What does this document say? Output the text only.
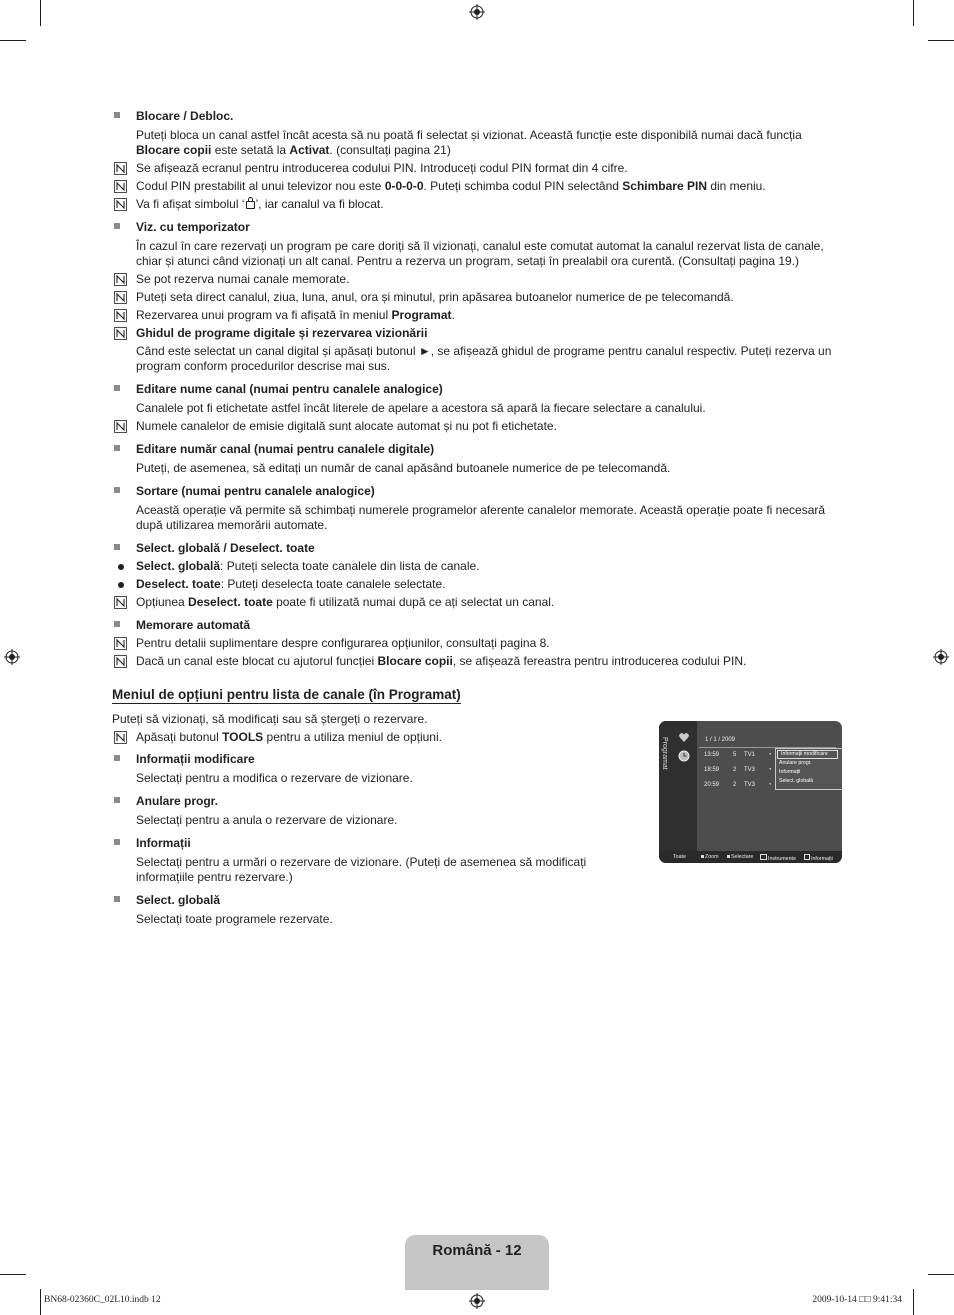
Blocare / Debloc.
Puteți bloca un canal astfel încât acesta să nu poată fi selectat și vizionat. Această funcție este disponibilă numai dacă funcția Blocare copii este setată la Activat. (consultați pagina 21)
Se afișează ecranul pentru introducerea codului PIN. Introduceți codul PIN format din 4 cifre.
Codul PIN prestabilit al unui televizor nou este 0-0-0-0. Puteți schimba codul PIN selectând Schimbare PIN din meniu.
Va fi afișat simbolul ‘ ’, iar canalul va fi blocat.
Viz. cu temporizator
În cazul în care rezervați un program pe care doriți să îl vizionați, canalul este comutat automat la canalul rezervat lista de canale, chiar și atunci când vizionați un alt canal. Pentru a rezerva un program, setați în prealabil ora curentă. (Consultați pagina 19.)
Se pot rezerva numai canale memorate.
Puteți seta direct canalul, ziua, luna, anul, ora și minutul, prin apăsarea butoanelor numerice de pe telecomandă.
Rezervarea unui program va fi afișată în meniul Programat.
Ghidul de programe digitale și rezervarea vizionării
Când este selectat un canal digital și apăsați butonul ►, se afișează ghidul de programe pentru canalul respectiv. Puteți rezerva un program conform procedurilor descrise mai sus.
Editare nume canal (numai pentru canalele analogice)
Canalele pot fi etichetate astfel încât literele de apelare a acestora să apară la fiecare selectare a canalului.
Numele canalelor de emisie digitală sunt alocate automat și nu pot fi etichetate.
Editare număr canal (numai pentru canalele digitale)
Puteți, de asemenea, să editați un număr de canal apăsând butoanele numerice de pe telecomandă.
Sortare (numai pentru canalele analogice)
Această operație vă permite să schimbați numerele programelor aferente canalelor memorate. Această operație poate fi necesară după utilizarea memorării automate.
Select. globală / Deselect. toate
Select. globală: Puteți selecta toate canalele din lista de canale.
Deselect. toate: Puteți deselecta toate canalele selectate.
Opțiunea Deselect. toate poate fi utilizată numai după ce ați selectat un canal.
Memorare automată
Pentru detalii suplimentare despre configurarea opțiunilor, consultați pagina 8.
Dacă un canal este blocat cu ajutorul funcției Blocare copii, se afișează fereastra pentru introducerea codului PIN.
Meniul de opțiuni pentru lista de canale (în Programat)
Puteți să vizionați, să modificați sau să ștergeți o rezervare.
Apăsați butonul TOOLS pentru a utiliza meniul de opțiuni.
Informații modificare
Selectați pentru a modifica o rezervare de vizionare.
Anulare progr.
Selectați pentru a anula o rezervare de vizionare.
Informații
Selectați pentru a urmări o rezervare de vizionare. (Puteți de asemenea să modificați informațiile pentru rezervare.)
Select. globală
Selectați toate programele rezervate.
Programat	1 / 1 / 2009
13:59 5 TV1 ◔
18:59 2 TV3 ◔
20:59 2 TV3 ◔
Informații modificare
Anulare progr.
Informații
Select. globală
Toate	Zoom	Selectare	Instrumente	Informații
Română - 12
BN68-02360C_02L10.indb 12	2009-10-14 □□ 9:41:34
